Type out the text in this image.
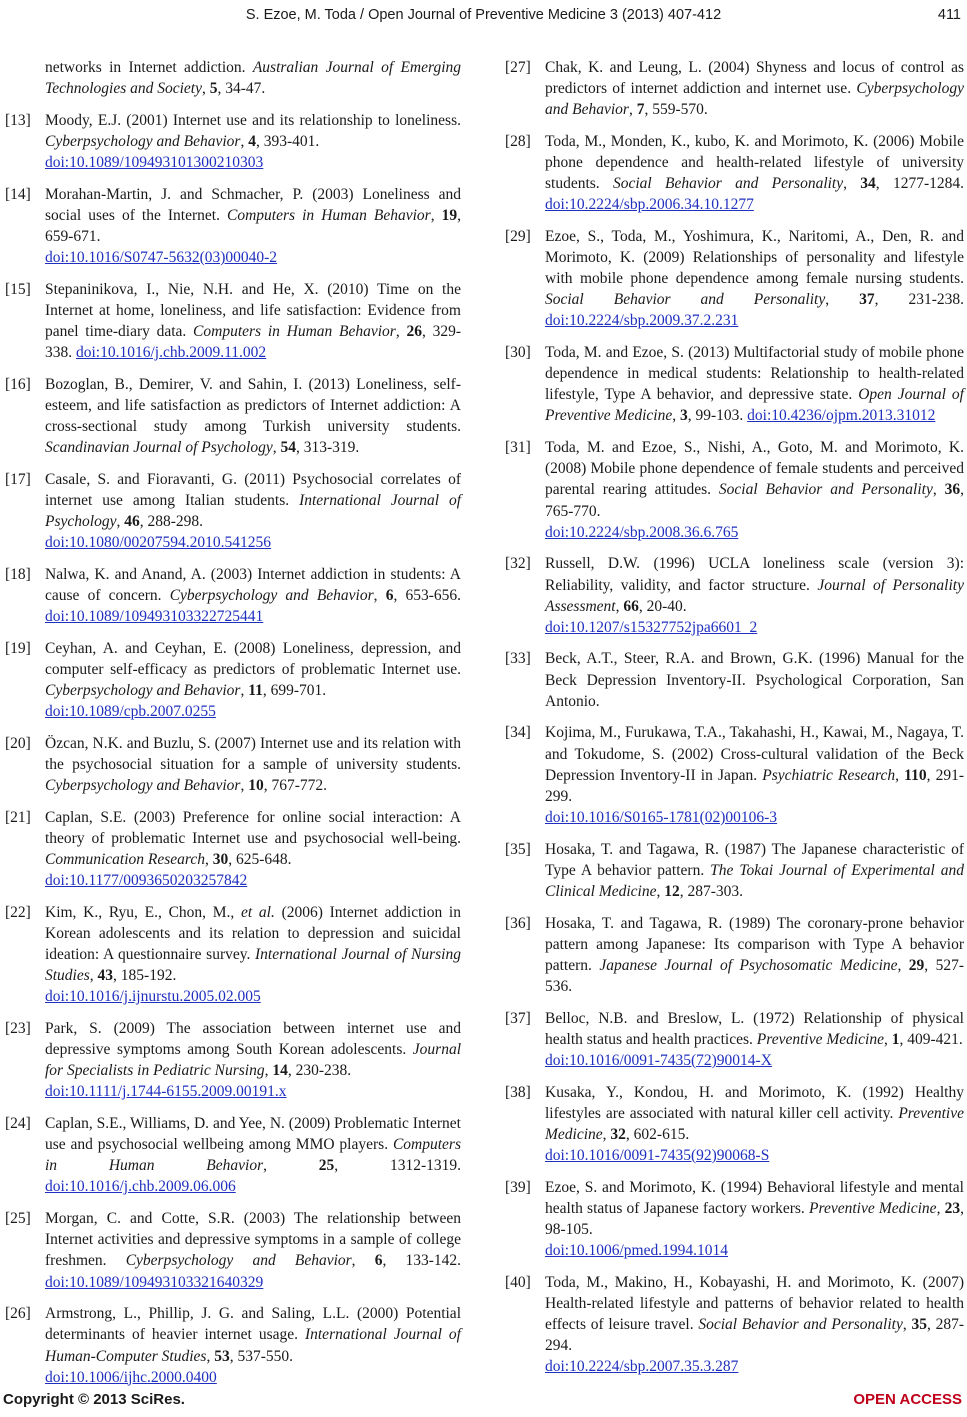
S. Ezoe, M. Toda / Open Journal of Preventive Medicine 3 (2013) 407-412	411
networks in Internet addiction. Australian Journal of Emerging Technologies and Society, 5, 34-47.
[13] Moody, E.J. (2001) Internet use and its relationship to loneliness. Cyberpsychology and Behavior, 4, 393-401.
doi:10.1089/109493101300210303
[14] Morahan-Martin, J. and Schmacher, P. (2003) Loneliness and social uses of the Internet. Computers in Human Behavior, 19, 659-671.
doi:10.1016/S0747-5632(03)00040-2
[15] Stepaninikova, I., Nie, N.H. and He, X. (2010) Time on the Internet at home, loneliness, and life satisfaction: Evidence from panel time-diary data. Computers in Human Behavior, 26, 329-338. doi:10.1016/j.chb.2009.11.002
[16] Bozoglan, B., Demirer, V. and Sahin, I. (2013) Loneliness, self-esteem, and life satisfaction as predictors of Internet addiction: A cross-sectional study among Turkish university students. Scandinavian Journal of Psychology, 54, 313-319.
[17] Casale, S. and Fioravanti, G. (2011) Psychosocial correlates of internet use among Italian students. International Journal of Psychology, 46, 288-298.
doi:10.1080/00207594.2010.541256
[18] Nalwa, K. and Anand, A. (2003) Internet addiction in students: A cause of concern. Cyberpsychology and Behavior, 6, 653-656. doi:10.1089/109493103322725441
[19] Ceyhan, A. and Ceyhan, E. (2008) Loneliness, depression, and computer self-efficacy as predictors of problematic Internet use. Cyberpsychology and Behavior, 11, 699-701.
doi:10.1089/cpb.2007.0255
[20] Özcan, N.K. and Buzlu, S. (2007) Internet use and its relation with the psychosocial situation for a sample of university students. Cyberpsychology and Behavior, 10, 767-772.
[21] Caplan, S.E. (2003) Preference for online social interaction: A theory of problematic Internet use and psychosocial well-being. Communication Research, 30, 625-648.
doi:10.1177/0093650203257842
[22] Kim, K., Ryu, E., Chon, M., et al. (2006) Internet addiction in Korean adolescents and its relation to depression and suicidal ideation: A questionnaire survey. International Journal of Nursing Studies, 43, 185-192.
doi:10.1016/j.ijnurstu.2005.02.005
[23] Park, S. (2009) The association between internet use and depressive symptoms among South Korean adolescents. Journal for Specialists in Pediatric Nursing, 14, 230-238.
doi:10.1111/j.1744-6155.2009.00191.x
[24] Caplan, S.E., Williams, D. and Yee, N. (2009) Problematic Internet use and psychosocial wellbeing among MMO players. Computers in Human Behavior, 25, 1312-1319. doi:10.1016/j.chb.2009.06.006
[25] Morgan, C. and Cotte, S.R. (2003) The relationship between Internet activities and depressive symptoms in a sample of college freshmen. Cyberpsychology and Behavior, 6, 133-142. doi:10.1089/109493103321640329
[26] Armstrong, L., Phillip, J. G. and Saling, L.L. (2000) Potential determinants of heavier internet usage. International Journal of Human-Computer Studies, 53, 537-550.
doi:10.1006/ijhc.2000.0400
[27] Chak, K. and Leung, L. (2004) Shyness and locus of control as predictors of internet addiction and internet use. Cyberpsychology and Behavior, 7, 559-570.
[28] Toda, M., Monden, K., kubo, K. and Morimoto, K. (2006) Mobile phone dependence and health-related lifestyle of university students. Social Behavior and Personality, 34, 1277-1284. doi:10.2224/sbp.2006.34.10.1277
[29] Ezoe, S., Toda, M., Yoshimura, K., Naritomi, A., Den, R. and Morimoto, K. (2009) Relationships of personality and lifestyle with mobile phone dependence among female nursing students. Social Behavior and Personality, 37, 231-238. doi:10.2224/sbp.2009.37.2.231
[30] Toda, M. and Ezoe, S. (2013) Multifactorial study of mobile phone dependence in medical students: Relationship to health-related lifestyle, Type A behavior, and depressive state. Open Journal of Preventive Medicine, 3, 99-103. doi:10.4236/ojpm.2013.31012
[31] Toda, M. and Ezoe, S., Nishi, A., Goto, M. and Morimoto, K. (2008) Mobile phone dependence of female students and perceived parental rearing attitudes. Social Behavior and Personality, 36, 765-770.
doi:10.2224/sbp.2008.36.6.765
[32] Russell, D.W. (1996) UCLA loneliness scale (version 3): Reliability, validity, and factor structure. Journal of Personality Assessment, 66, 20-40.
doi:10.1207/s15327752jpa6601_2
[33] Beck, A.T., Steer, R.A. and Brown, G.K. (1996) Manual for the Beck Depression Inventory-II. Psychological Corporation, San Antonio.
[34] Kojima, M., Furukawa, T.A., Takahashi, H., Kawai, M., Nagaya, T. and Tokudome, S. (2002) Cross-cultural validation of the Beck Depression Inventory-II in Japan. Psychiatric Research, 110, 291-299.
doi:10.1016/S0165-1781(02)00106-3
[35] Hosaka, T. and Tagawa, R. (1987) The Japanese characteristic of Type A behavior pattern. The Tokai Journal of Experimental and Clinical Medicine, 12, 287-303.
[36] Hosaka, T. and Tagawa, R. (1989) The coronary-prone behavior pattern among Japanese: Its comparison with Type A behavior pattern. Japanese Journal of Psychosomatic Medicine, 29, 527-536.
[37] Belloc, N.B. and Breslow, L. (1972) Relationship of physical health status and health practices. Preventive Medicine, 1, 409-421.
doi:10.1016/0091-7435(72)90014-X
[38] Kusaka, Y., Kondou, H. and Morimoto, K. (1992) Healthy lifestyles are associated with natural killer cell activity. Preventive Medicine, 32, 602-615.
doi:10.1016/0091-7435(92)90068-S
[39] Ezoe, S. and Morimoto, K. (1994) Behavioral lifestyle and mental health status of Japanese factory workers. Preventive Medicine, 23, 98-105.
doi:10.1006/pmed.1994.1014
[40] Toda, M., Makino, H., Kobayashi, H. and Morimoto, K. (2007) Health-related lifestyle and patterns of behavior related to health effects of leisure travel. Social Behavior and Personality, 35, 287-294.
doi:10.2224/sbp.2007.35.3.287
Copyright © 2013 SciRes.	OPEN ACCESS
